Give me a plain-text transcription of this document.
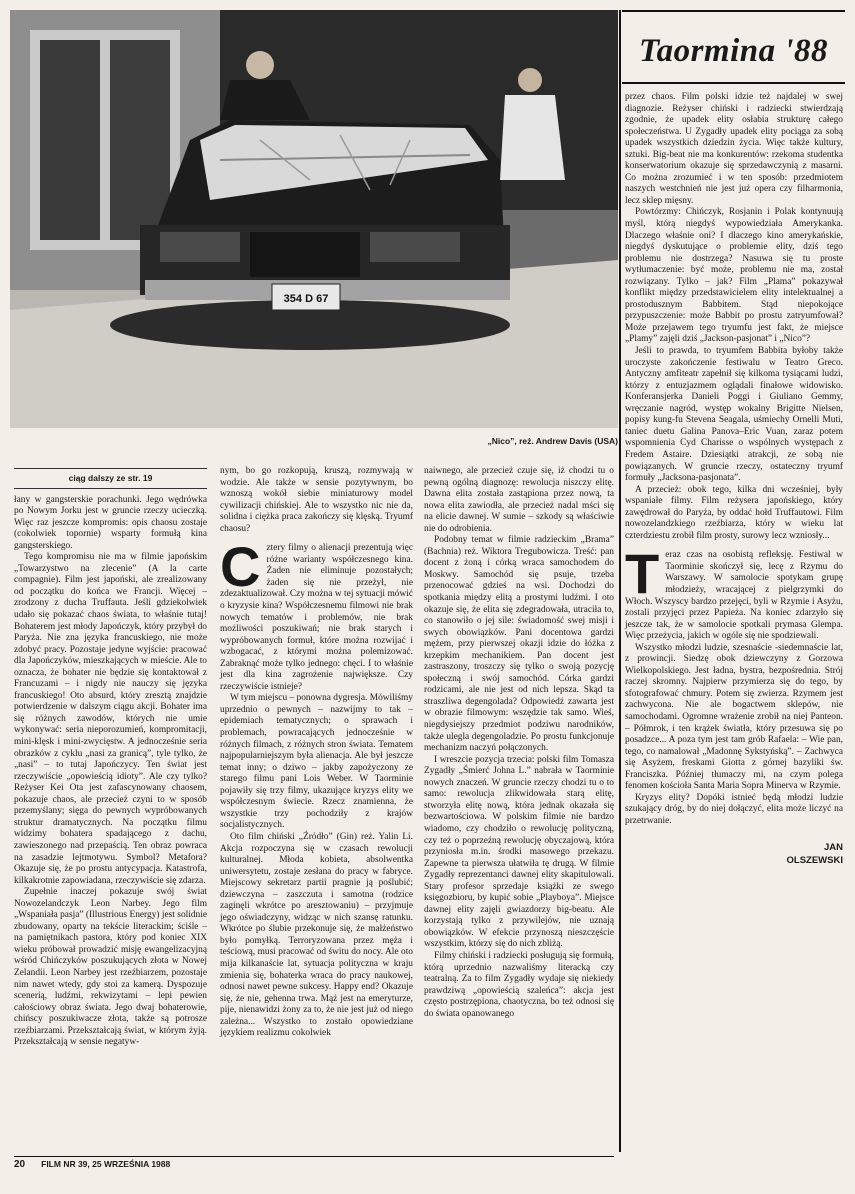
354 D 67
„Nico”, reż. Andrew Davis (USA)
Taormina '88
ciąg dalszy ze str. 19

łany w gangsterskie porachunki. Jego wędrówka po Nowym Jorku jest w gruncie rzeczy ucieczką. Więc raz jeszcze kompromis: opis chaosu zostaje (cokolwiek topornie) wsparty formułą kina gangsterskiego.

Tego kompromisu nie ma w filmie japońskim „Towarzystwo na zlecenie” (A la carte compagnie). Film jest japoński, ale zrealizowany od początku do końca we Francji. Więcej – zrodzony z ducha Truffauta. Jeśli gdziekolwiek udało się pokazać chaos świata, to właśnie tutaj! Bohaterem jest młody Japończyk, który przybył do Paryża. Nie zna języka francuskiego, nie może zdobyć pracy. Pozostaje jedyne wyjście: pracować dla Japończyków, mieszkających w mieście. Ale to oznacza, że bohater nie będzie się kontaktował z Francuzami – i nigdy nie nauczy się języka francuskiego! Oto absurd, który zresztą znajdzie potwierdzenie w dalszym ciągu akcji. Bohater ima się różnych zawodów, których nie umie wykonywać: seria nieporozumień, kompromitacji, mini-klęsk i mini-zwycięstw. A jednocześnie seria obrazków z cyklu „nasi za granicą”, tyle tylko, że „nasi” – to tutaj Japończycy. Ten świat jest rzeczywiście „opowieścią idioty”. Ale czy tylko? Reżyser Kei Ota jest zafascynowany chaosem, pokazuje chaos, ale przecież czyni to w sposób przemyślany; sięga do pewnych wypróbowanych struktur dramatycznych. Na początku filmu widzimy bohatera spadającego z dachu, zawieszonego nad przepaścią. Ten obraz powraca na zasadzie lejtmotywu. Symbol? Metafora? Okazuje się, że po prostu antycypacja. Katastrofa, kilkakrotnie zapowiadana, rzeczywiście się zdarza.

Zupełnie inaczej pokazuje swój świat Nowozelandczyk Leon Narbey. Jego film „Wspaniała pasja” (Illustrious Energy) jest solidnie zbudowany, oparty na tekście literackim; ściśle – na pamiętnikach pastora, który pod koniec XIX wieku próbował prowadzić misję ewangelizacyjną wśród Chińczyków poszukujących złota w Nowej Zelandii. Leon Narbey jest rzeźbiarzem, pozostaje nim nawet wtedy, gdy stoi za kamerą. Dyspozuje scenerią, ludźmi, rekwizytami – lepi pewien całościowy obraz świata. Jego dwaj bohaterowie, chińscy poszukiwacze złota, także są potrosze rzeźbiarzami. Przekształcają świat, w którym żyją. Przekształcają w sensie negatyw-

nym, bo go rozkopują, kruszą, rozmywają w wodzie. Ale także w sensie pozytywnym, bo wznoszą wokół siebie miniaturowy model cywilizacji chińskiej. Ale to wszystko nic nie da, solidna i ciężka praca zakończy się klęską. Tryumf chaosu?

Cztery filmy o alienacji prezentują więc różne warianty współczesnego kina. Żaden nie eliminuje pozostałych; żaden się nie przeżył, nie zdezaktualizował. Czy można w tej sytuacji mówić o kryzysie kina? Współczesnemu filmowi nie brak nowych tematów i problemów, nie brak możliwości poszukiwań; nie brak starych i wypróbowanych formuł, które można rozwijać i wzbogacać, z którymi można polemizować. Zabraknąć może tylko jednego: chęci. I to właśnie jest dla kina zagrożenie największe. Czy rzeczywiście istnieje?

W tym miejscu – ponowna dygresja. Mówiliśmy uprzednio o pewnych – nazwijmy to tak – epidemiach tematycznych; o sprawach i problemach, powracających jednocześnie w różnych filmach, z różnych stron świata. Tematem najpopularniejszym była alienacja. Ale był jeszcze temat inny; o dziwo – jakby zapożyczony ze starego filmu pani Lois Weber. W Taorminie pojawiły się trzy filmy, ukazujące kryzys elity we współczesnym świecie. Rzecz znamienna, że wszystkie trzy pochodziły z krajów socjalistycznych.

Oto film chiński „Źródło” (Gin) reż. Yalin Li. Akcja rozpoczyna się w czasach rewolucji kulturalnej. Młoda kobieta, absolwentka uniwersytetu, zostaje zesłana do pracy w fabryce. Miejscowy sekretarz partii pragnie ją poślubić; dziewczyna – zaszczuta i samotna (rodzice zaginęli wkrótce po aresztowaniu) – przyjmuje jego oświadczyny, widząc w nich szansę ratunku. Wkrótce po ślubie przekonuje się, że małżeństwo było pomyłką. Terroryzowana przez męża i teściową, musi pracować od świtu do nocy. Ale oto mija kilkanaście lat, sytuacja polityczna w kraju zmienia się, bohaterka wraca do pracy naukowej, odnosi nawet pewne sukcesy. Happy end? Okazuje się, że nie, gehenna trwa. Mąż jest na emeryturze, pije, nienawidzi żony za to, że nie jest już od niego zależna... Wszystko to zostało opowiedziane językiem realizmu cokolwiek

naiwnego, ale przecież czuje się, iż chodzi tu o pewną ogólną diagnozę: rewolucja niszczy elitę. Dawna elita została zastąpiona przez nową, ta nowa elita zawiodła, ale przecież nadal mści się na elicie dawnej. W sumie – szkody są właściwie nie do odrobienia.

Podobny temat w filmie radzieckim „Brama” (Bachnia) reż. Wiktora Tregubowicza. Treść: pan docent z żoną i córką wraca samochodem do Moskwy. Samochód się psuje, trzeba przenocować gdzieś na wsi. Dochodzi do spotkania między elitą a prostymi ludźmi. I oto okazuje się, że elita się zdegradowała, utraciła to, co stanowiło o jej sile: świadomość swej misji i swych obowiązków. Pani docentowa gardzi mężem, przy pierwszej okazji idzie do łóżka z krzepkim mechanikiem. Pan docent jest zastraszony, troszczy się tylko o swoją pozycję społeczną i swój samochód. Córka gardzi rodzicami, ale nie jest od nich lepsza. Skąd ta straszliwa degengolada? Odpowiedź zawarta jest w obrazie filmowym: wszędzie tak samo. Wieś, niegdysiejszy przedmiot podziwu narodników, także ulegla degengoladzie. Po prostu funkcjonuje mechanizm naczyń połączonych.

I wreszcie pozycja trzecia: polski film Tomasza Zygadły „Śmierć Johna L.” nabrała w Taorminie nowych znaczeń. W gruncie rzeczy chodzi tu o to samo: rewolucja zlikwidowała starą elitę, stworzyła elitę nową, która jednak okazała się bezwartościowa. W polskim filmie nie bardzo wiadomo, czy chodziło o rewolucję polityczną, czy też o poprzeźną rewolucję obyczajową, która przyniosła m.in. środki masowego przekazu. Zapewne ta pierwsza ułatwiła tę drugą. W filmie Zygadły reprezentanci dawnej elity skapitulowali. Stary profesor sprzedaje książki ze swego księgozbioru, by kupić sobie „Playboya”. Miejsce dawnej elity zajęli gwiazdorzy big-beatu. Ale korzystają tylko z przywilejów, nie uznają obowiązków. W efekcie przynoszą nieszczęście wszystkim, którzy się do nich zbliżą.

Filmy chiński i radziecki posługują się formułą, którą uprzednio nazwaliśmy literacką czy teatralną. Za to film Zygadły wydaje się niekiedy prawdziwą „opowieścią szaleńca”: akcja jest często postrzępiona, chaotyczna, bo też odnosi się do świata opanowanego

przez chaos. Film polski idzie też najdalej w swej diagnozie. Reżyser chiński i radziecki stwierdzają zgodnie, że upadek elity osłabia strukturę całego społeczeństwa. U Zygadły upadek elity pociąga za sobą upadek wszystkich dziedzin życia. Więc także kultury, sztuki. Big-beat nie ma konkurentów: rzekoma studentka konserwatorium okazuje się sprzedawczynią z masarni. Co można zrozumieć i w ten sposób: przedmiotem naszych westchnień nie jest już opera czy filharmonia, lecz sklep mięsny.

Powtórzmy: Chińczyk, Rosjanin i Polak kontynuują myśl, którą niegdyś wypowiedziała Amerykanka. Dlaczego właśnie oni? I dlaczego kino amerykańskie, niegdyś dyskutujące o problemie elity, dziś tego problemu nie dostrzega? Nasuwa się tu proste wytłumaczenie: być może, problemu nie ma, został rozwiązany. Tylko – jak? Film „Plama” pokazywał konflikt między przedstawicielem elity intelektualnej a prostodusznym Babbitem. Stąd niepokojące przypuszczenie: może Babbit po prostu zatryumfował? Może przejawem tego tryumfu jest fakt, że miejsce „Plamy” zajęli dziś „Jackson-pasjonat” i „Nico”?

Jeśli to prawda, to tryumfem Babbita byłoby także uroczyste zakończenie festiwalu w Teatro Greco. Antyczny amfiteatr zapełnił się kilkoma tysiącami ludzi, którzy z entuzjazmem oglądali finałowe widowisko. Konferansjerka Danieli Poggi i Giuliano Gemmy, wręczanie nagród, występ wokalny Brigitte Nielsen, popisy kung-fu Stevena Seagala, uśmiechy Ornelli Muti, taniec duetu Galina Panova–Eric Vuan, zaraz potem wspomnienia Cyd Charisse o wspólnych występach z Fredem Astaire. Dziesiątki atrakcji, ze sobą nie powiązanych. W gruncie rzeczy, ostateczny tryumf formuły „Jacksona-pasjonata”.

A przecież: obok tego, kilka dni wcześniej, były wspaniałe filmy. Film reżysera japońskiego, który zawędrował do Paryża, by oddać hołd Truffautowi. Film nowozelandzkiego rzeźbiarza, który w wieku lat czterdziestu zrobił film prosty, surowy lecz wzniosły...

Teraz czas na osobistą refleksję. Festiwal w Taorminie skończył się, lecę z Rzymu do Warszawy. W samolocie spotykam grupę młodzieży, wracającej z pielgrzymki do Włoch. Wszyscy bardzo przejęci, byli w Rzymie i Asyżu, zostali przyjęci przez Papieża. Na koniec zdarzyło się jeszcze tak, że w samolocie spotkali prymasa Glempa. Więc przeżycia, jakich w ogóle się nie spodziewali.

Wszystko młodzi ludzie, szesnaście -siedemnaście lat, z prowincji. Siedzę obok dziewczyny z Gorzowa Wielkopolskiego. Jest ładna, bystra, bezpośrednia. Strój raczej skromny. Najpierw przymierza się do tego, by sfotografować chmury. Potem się zwierza. Rzymem jest zachwycona. Nie ale bogactwem sklepów, nie samochodami. Ogromne wrażenie zrobił na niej Panteon. – Półmrok, i ten krążek światła, który przesuwa się po posadzce... A poza tym jest tam grób Rafaela: – Wie pan, tego, co namalował „Madonnę Sykstyńską”. – Zachwyca się Asyżem, freskami Giotta z górnej bazyliki św. Franciszka. Później tłumaczy mi, na czym polega fenomen kościoła Santa Maria Sopra Minerva w Rzymie.

Kryzys elity? Dopóki istnieć będą młodzi ludzie szukający dróg, by do niej dołączyć, elita może liczyć na przetrwanie.

JAN
OLSZEWSKI
20 FILM NR 39, 25 WRZEŚNIA 1988
